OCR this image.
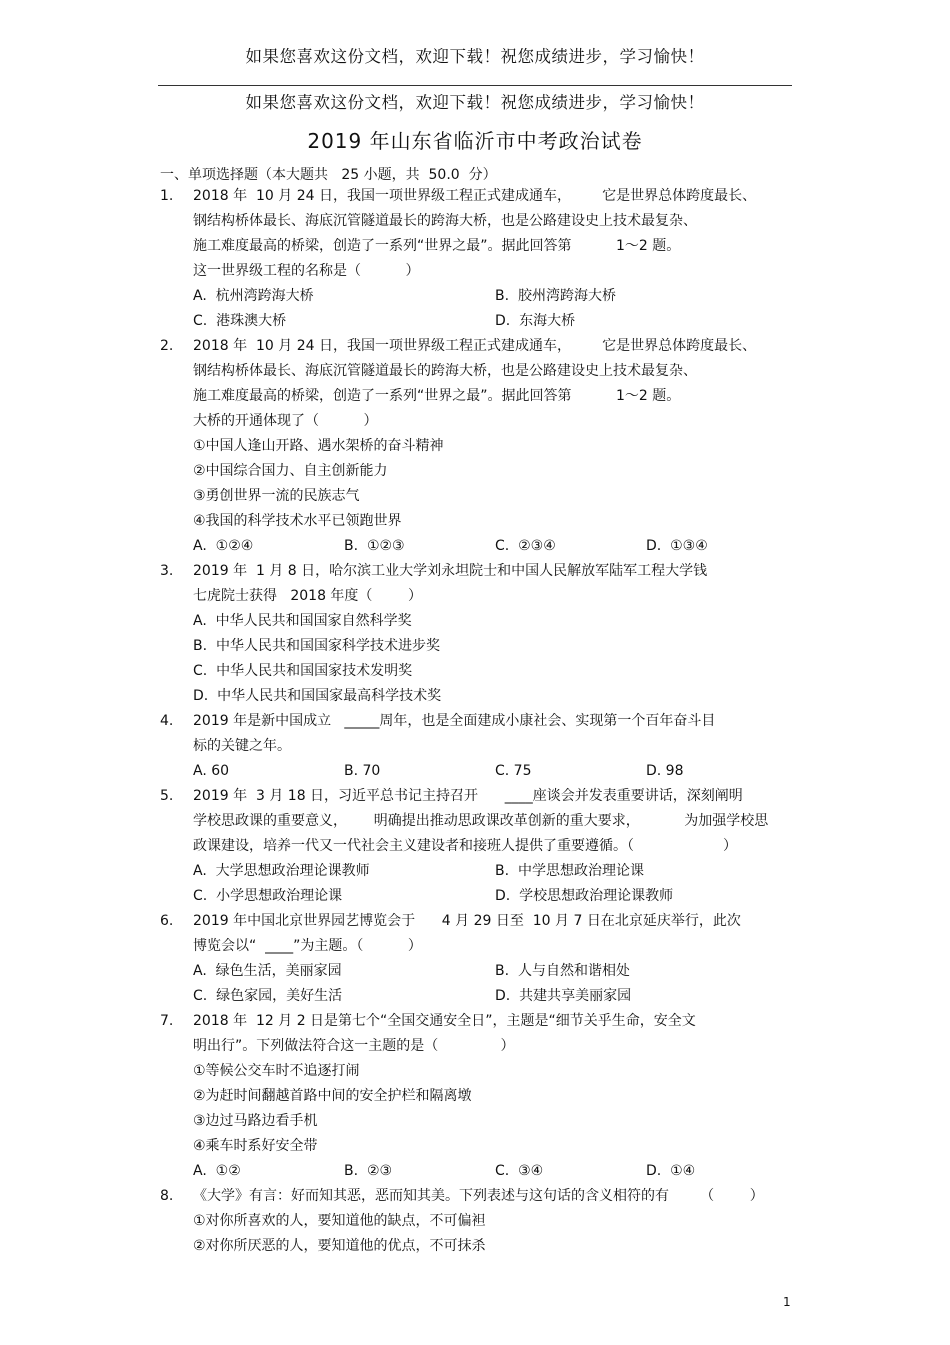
如果您喜欢这份文档，欢迎下载！祝您成绩进步，学习愉快！
如果您喜欢这份文档，欢迎下载！祝您成绩进步，学习愉快！
2019 年山东省临沂市中考政治试卷
一、单项选择题（本大题共   25 小题，共  50.0  分）
1. 2018 年  10 月 24 日，我国一项世界级工程正式建成通车，       它是世界总体跨度最长、
钢结构桥体最长、海底沉管隧道最长的跨海大桥，也是公路建设史上技术最复杂、
施工难度最高的桥梁，创造了一系列“世界之最”。据此回答第          1～2 题。
这一世界级工程的名称是（          ）
A.  杭州湾跨海大桥	B.  胶州湾跨海大桥
C.  港珠澳大桥	D.  东海大桥
2. 2018 年  10 月 24 日，我国一项世界级工程正式建成通车，       它是世界总体跨度最长、
钢结构桥体最长、海底沉管隧道最长的跨海大桥，也是公路建设史上技术最复杂、
施工难度最高的桥梁，创造了一系列“世界之最”。据此回答第          1～2 题。
大桥的开通体现了（          ）
①中国人逢山开路、遇水架桥的奋斗精神
②中国综合国力、自主创新能力
③勇创世界一流的民族志气
④我国的科学技术水平已领跑世界
A.  ①②④	B.  ①②③	C.  ②③④	D.  ①③④
3. 2019 年  1 月 8 日，哈尔滨工业大学刘永坦院士和中国人民解放军陆军工程大学钱
七虎院士获得   2018 年度（        ）
A.  中华人民共和国国家自然科学奖
B.  中华人民共和国国家科学技术进步奖
C.  中华人民共和国国家技术发明奖
D.  中华人民共和国国家最高科学技术奖
4. 2019 年是新中国成立   _____周年，也是全面建成小康社会、实现第一个百年奋斗目
标的关键之年。
A. 60	B. 70	C. 75	D. 98
5. 2019 年  3 月 18 日，习近平总书记主持召开      ____座谈会并发表重要讲话，深刻阐明
学校思政课的重要意义，      明确提出推动思政课改革创新的重大要求，          为加强学校思
政课建设，培养一代又一代社会主义建设者和接班人提供了重要遵循。（                    ）
A.  大学思想政治理论课教师	B.  中学思想政治理论课
C.  小学思想政治理论课	D.  学校思想政治理论课教师
6. 2019 年中国北京世界园艺博览会于      4 月 29 日至  10 月 7 日在北京延庆举行，此次
博览会以“  ____”为主题。（          ）
A.  绿色生活，美丽家园	B.  人与自然和谐相处
C.  绿色家园，美好生活	D.  共建共享美丽家园
7. 2018 年  12 月 2 日是第七个“全国交通安全日”，主题是“细节关乎生命，安全文
明出行”。下列做法符合这一主题的是（              ）
①等候公交车时不追逐打闹
②为赶时间翻越首路中间的安全护栏和隔离墩
③边过马路边看手机
④乘车时系好安全带
A.  ①②	B.  ②③	C.  ③④	D.  ①④
8. 《大学》有言：好而知其恶，恶而知其美。下列表述与这句话的含义相符的有       （        ）
①对你所喜欢的人，要知道他的缺点，不可偏袒
②对你所厌恶的人，要知道他的优点，不可抹杀
1
